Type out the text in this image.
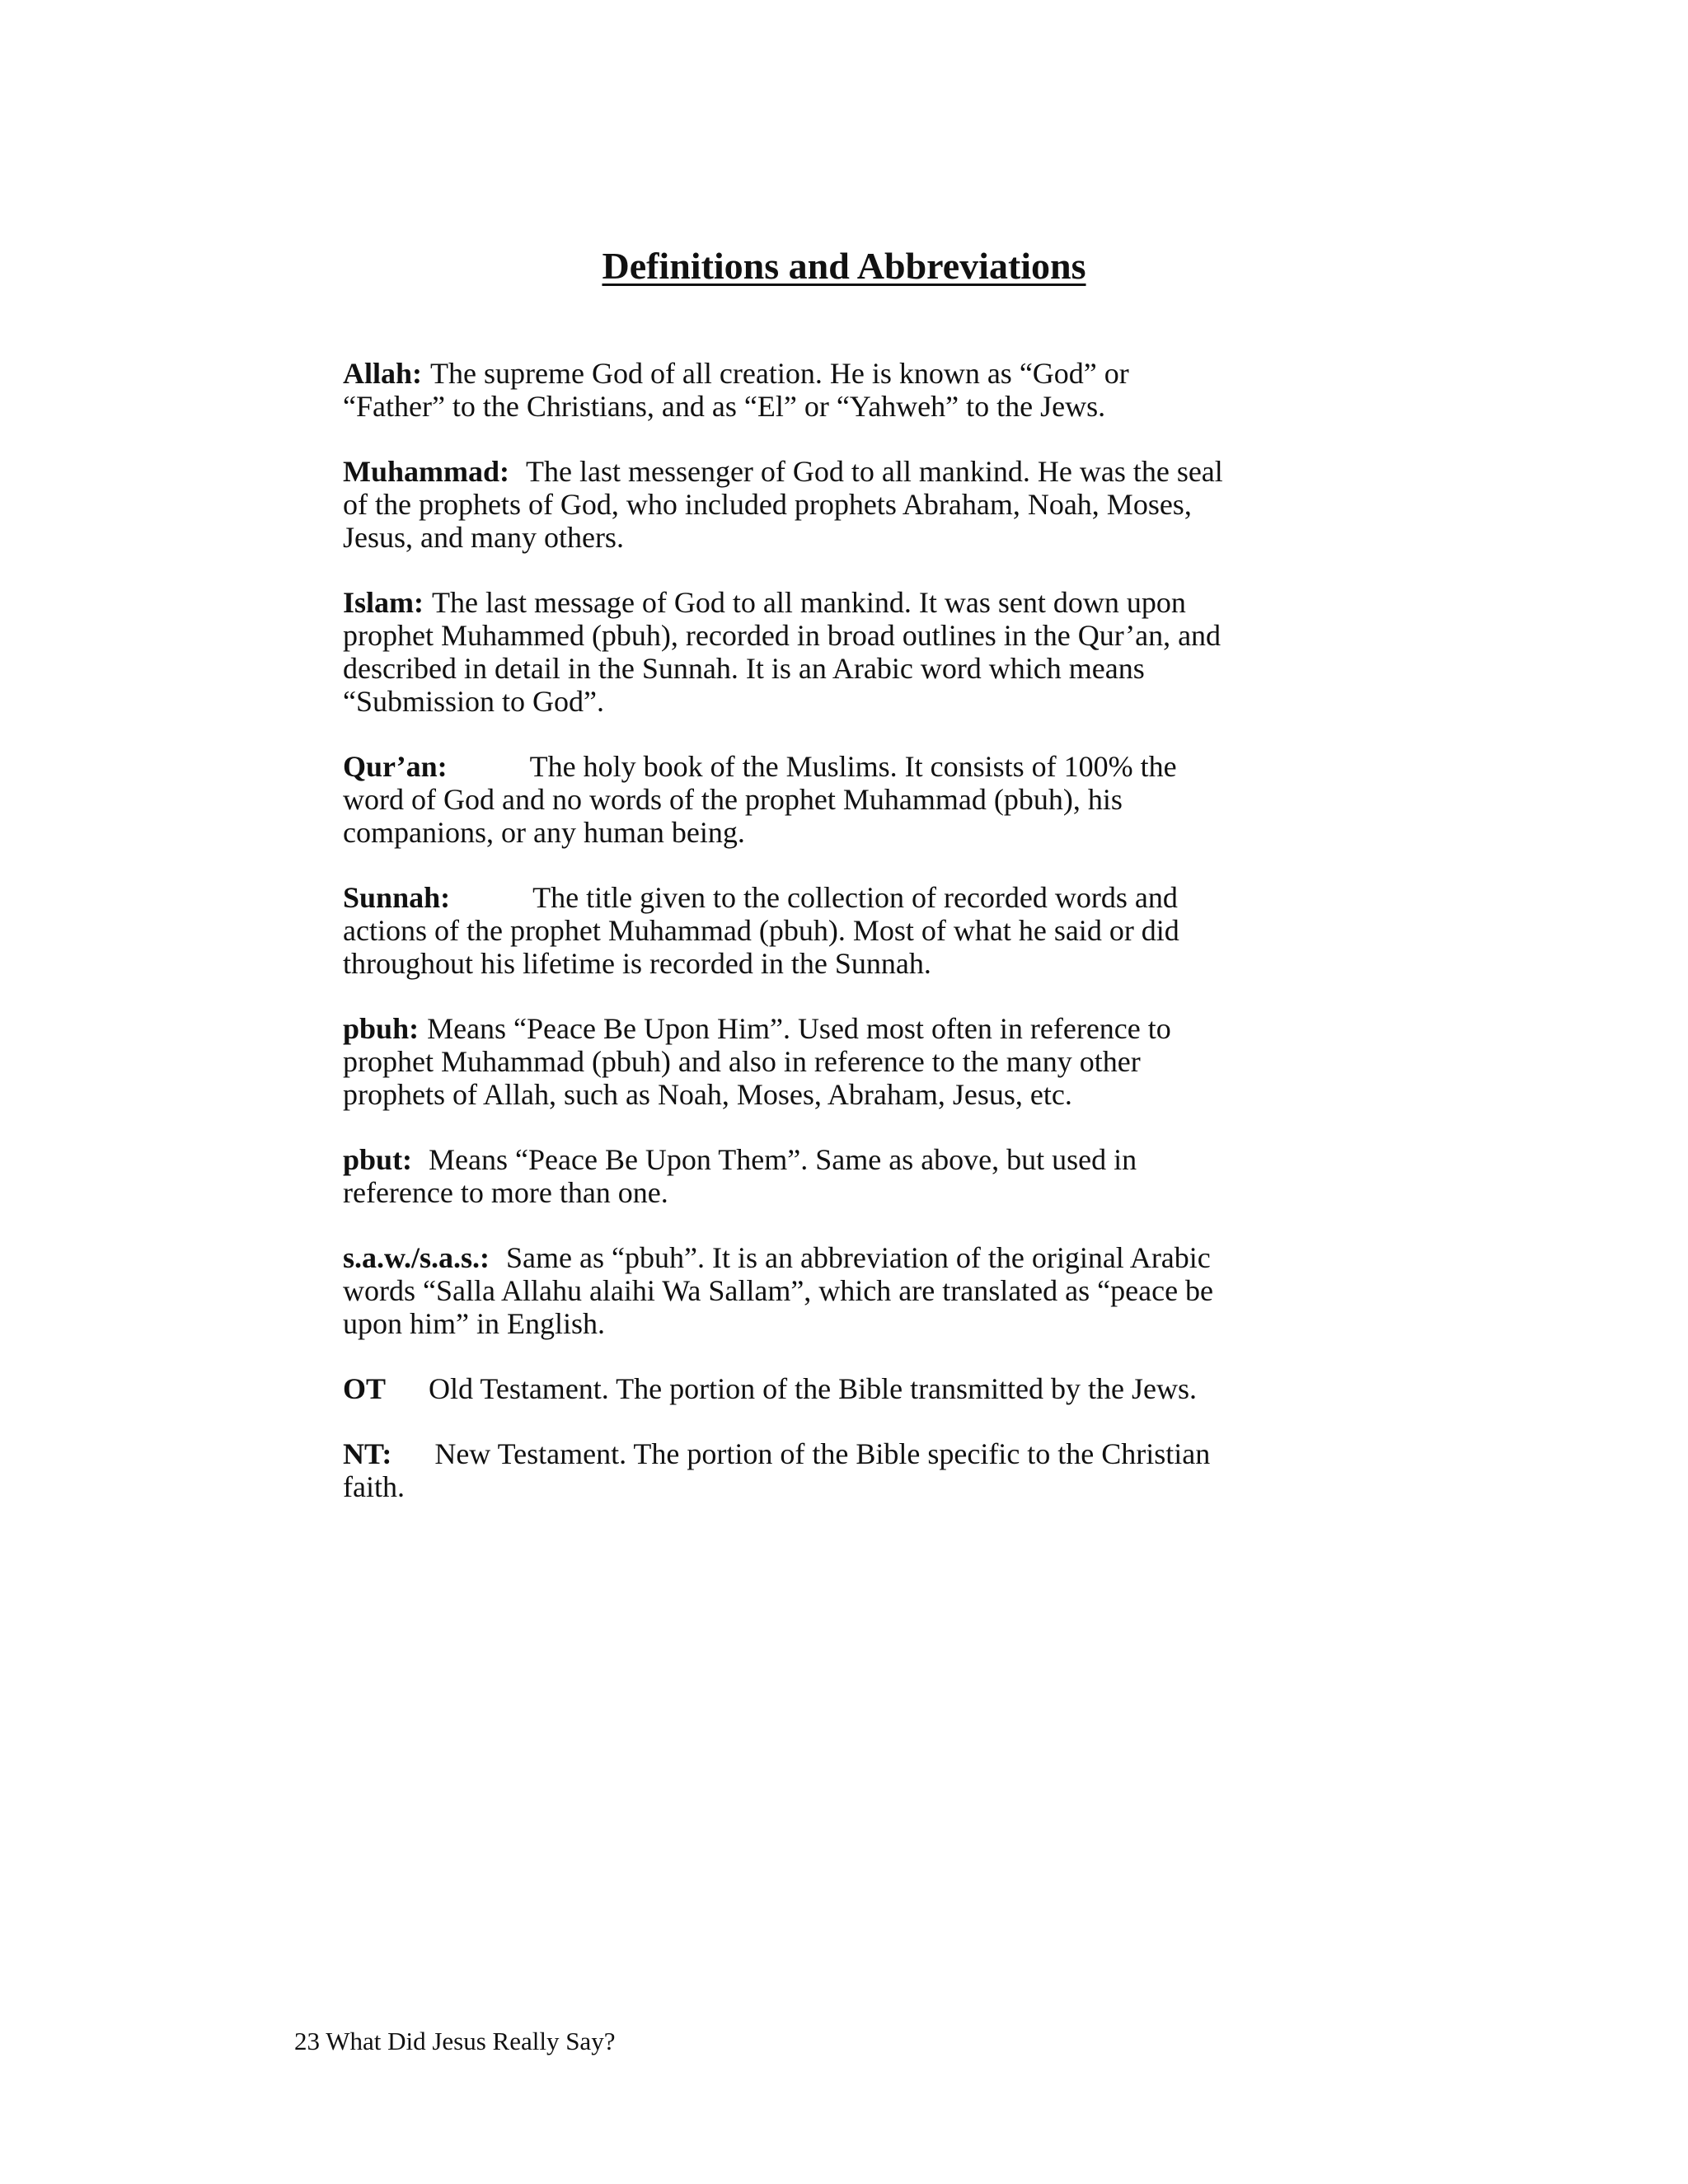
Definitions and Abbreviations

Allah: The supreme God of all creation. He is known as “God” or “Father” to the Christians, and as “El” or “Yahweh” to the Jews.

Muhammad: The last messenger of God to all mankind. He was the seal of the prophets of God, who included prophets Abraham, Noah, Moses, Jesus, and many others.

Islam: The last message of God to all mankind. It was sent down upon prophet Muhammed (pbuh), recorded in broad outlines in the Qur’an, and described in detail in the Sunnah. It is an Arabic word which means “Submission to God”.

Qur’an:	The holy book of the Muslims. It consists of 100% the word of God and no words of the prophet Muhammad (pbuh), his companions, or any human being.

Sunnah:	The title given to the collection of recorded words and actions of the prophet Muhammad (pbuh). Most of what he said or did throughout his lifetime is recorded in the Sunnah.

pbuh: Means “Peace Be Upon Him”. Used most often in reference to prophet Muhammad (pbuh) and also in reference to the many other prophets of Allah, such as Noah, Moses, Abraham, Jesus, etc.

pbut: Means “Peace Be Upon Them”. Same as above, but used in reference to more than one.

s.a.w./s.a.s.: Same as “pbuh”. It is an abbreviation of the original Arabic words “Salla Allahu alaihi Wa Sallam”, which are translated as “peace be upon him” in English.

OT Old Testament. The portion of the Bible transmitted by the Jews.

NT: New Testament. The portion of the Bible specific to the Christian faith.

23 What Did Jesus Really Say?
